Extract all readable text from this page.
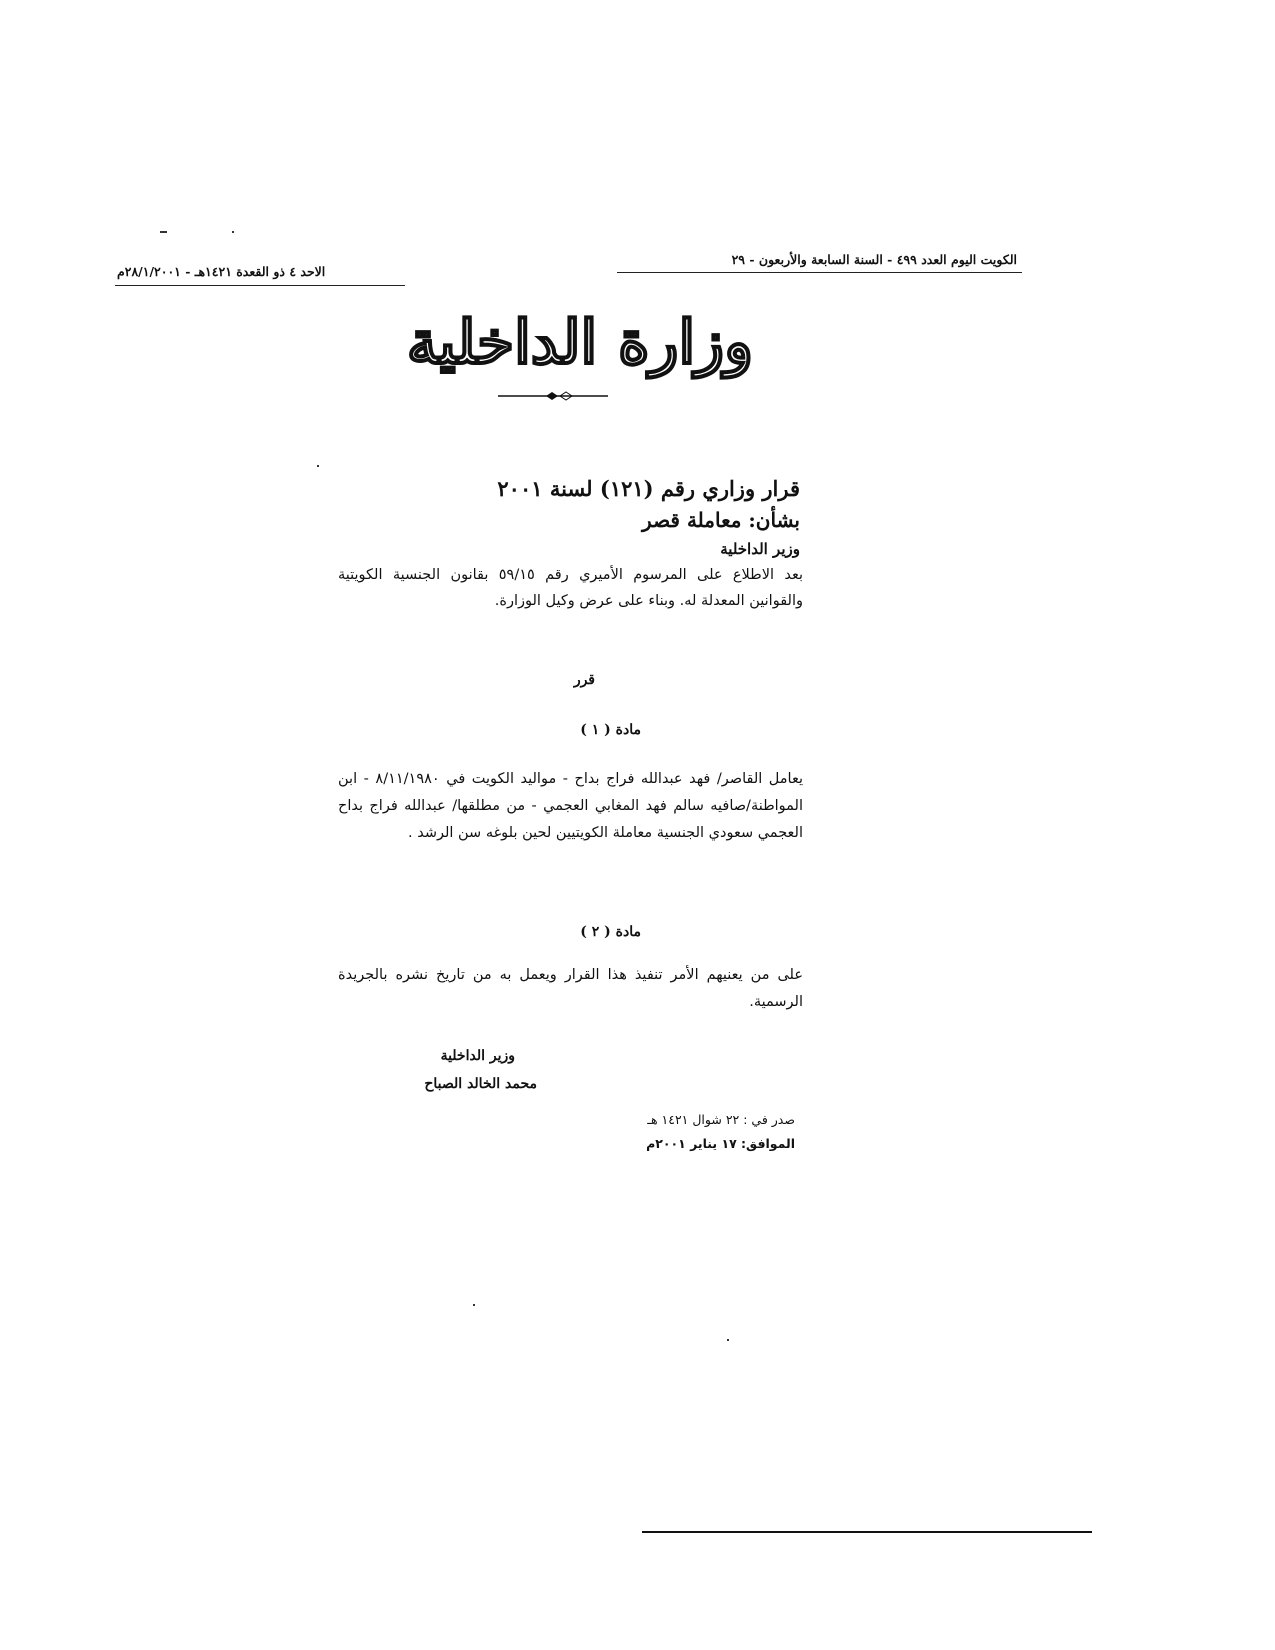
الكويت اليوم العدد ٤٩٩ - السنة السابعة والأربعون - ٢٩
الاحد ٤ ذو القعدة ١٤٢١هـ - ٢٨/١/٢٠٠١م
وزارة الداخلية
قرار وزاري رقم (١٢١) لسنة ٢٠٠١
بشأن: معاملة قصر
وزير الداخلية
بعد الاطلاع على المرسوم الأميري رقم ٥٩/١٥ بقانون الجنسية الكويتية والقوانين المعدلة له. وبناء على عرض وكيل الوزارة.
قرر
مادة ( ١ )
يعامل القاصر/ فهد عبدالله فراج بداح - مواليد الكويت في ٨/١١/١٩٨٠ - ابن المواطنة/صافيه سالم فهد المغابي العجمي - من مطلقها/ عبدالله فراج بداح العجمي سعودي الجنسية معاملة الكويتيين لحين بلوغه سن الرشد .
مادة ( ٢ )
على من يعنيهم الأمر تنفيذ هذا القرار ويعمل به من تاريخ نشره بالجريدة الرسمية.
وزير الداخلية
محمد الخالد الصباح
صدر في : ٢٢ شوال ١٤٢١ هـ
الموافق: ١٧ يناير ٢٠٠١م
